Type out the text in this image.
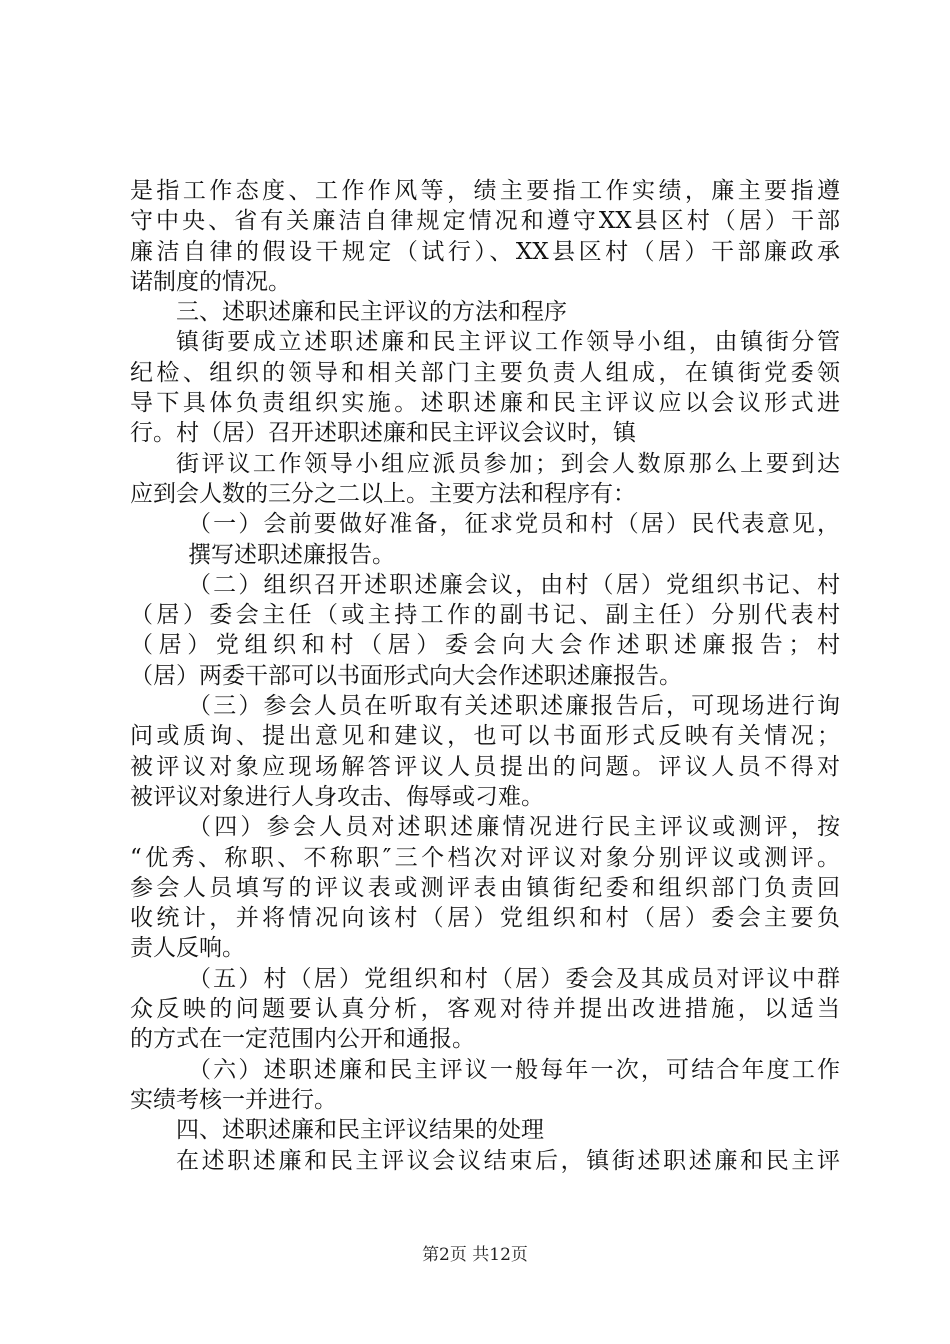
是指工作态度、工作作风等，绩主要指工作实绩，廉主要指遵
守中央、省有关廉洁自律规定情况和遵守XX县区村（居）干部
廉洁自律的假设干规定（试行）、XX县区村（居）干部廉政承
诺制度的情况。
三、述职述廉和民主评议的方法和程序
镇街要成立述职述廉和民主评议工作领导小组，由镇街分管
纪检、组织的领导和相关部门主要负责人组成，在镇街党委领
导下具体负责组织实施。述职述廉和民主评议应以会议形式进
行。村（居）召开述职述廉和民主评议会议时，镇
街评议工作领导小组应派员参加；到会人数原那么上要到达
应到会人数的三分之二以上。主要方法和程序有：
（一）会前要做好准备，征求党员和村（居）民代表意见，
撰写述职述廉报告。
（二）组织召开述职述廉会议，由村（居）党组织书记、村
（居）委会主任（或主持工作的副书记、副主任）分别代表村
（居）党组织和村（居）委会向大会作述职述廉报告；村
（居）两委干部可以书面形式向大会作述职述廉报告。
（三）参会人员在听取有关述职述廉报告后，可现场进行询
问或质询、提出意见和建议，也可以书面形式反映有关情况；
被评议对象应现场解答评议人员提出的问题。评议人员不得对
被评议对象进行人身攻击、侮辱或刁难。
（四）参会人员对述职述廉情况进行民主评议或测评，按
“优秀、称职、不称职″三个档次对评议对象分别评议或测评。
参会人员填写的评议表或测评表由镇街纪委和组织部门负责回
收统计，并将情况向该村（居）党组织和村（居）委会主要负
责人反响。
（五）村（居）党组织和村（居）委会及其成员对评议中群
众反映的问题要认真分析，客观对待并提出改进措施，以适当
的方式在一定范围内公开和通报。
（六）述职述廉和民主评议一般每年一次，可结合年度工作
实绩考核一并进行。
四、述职述廉和民主评议结果的处理
在述职述廉和民主评议会议结束后，镇街述职述廉和民主评
第2页 共12页
